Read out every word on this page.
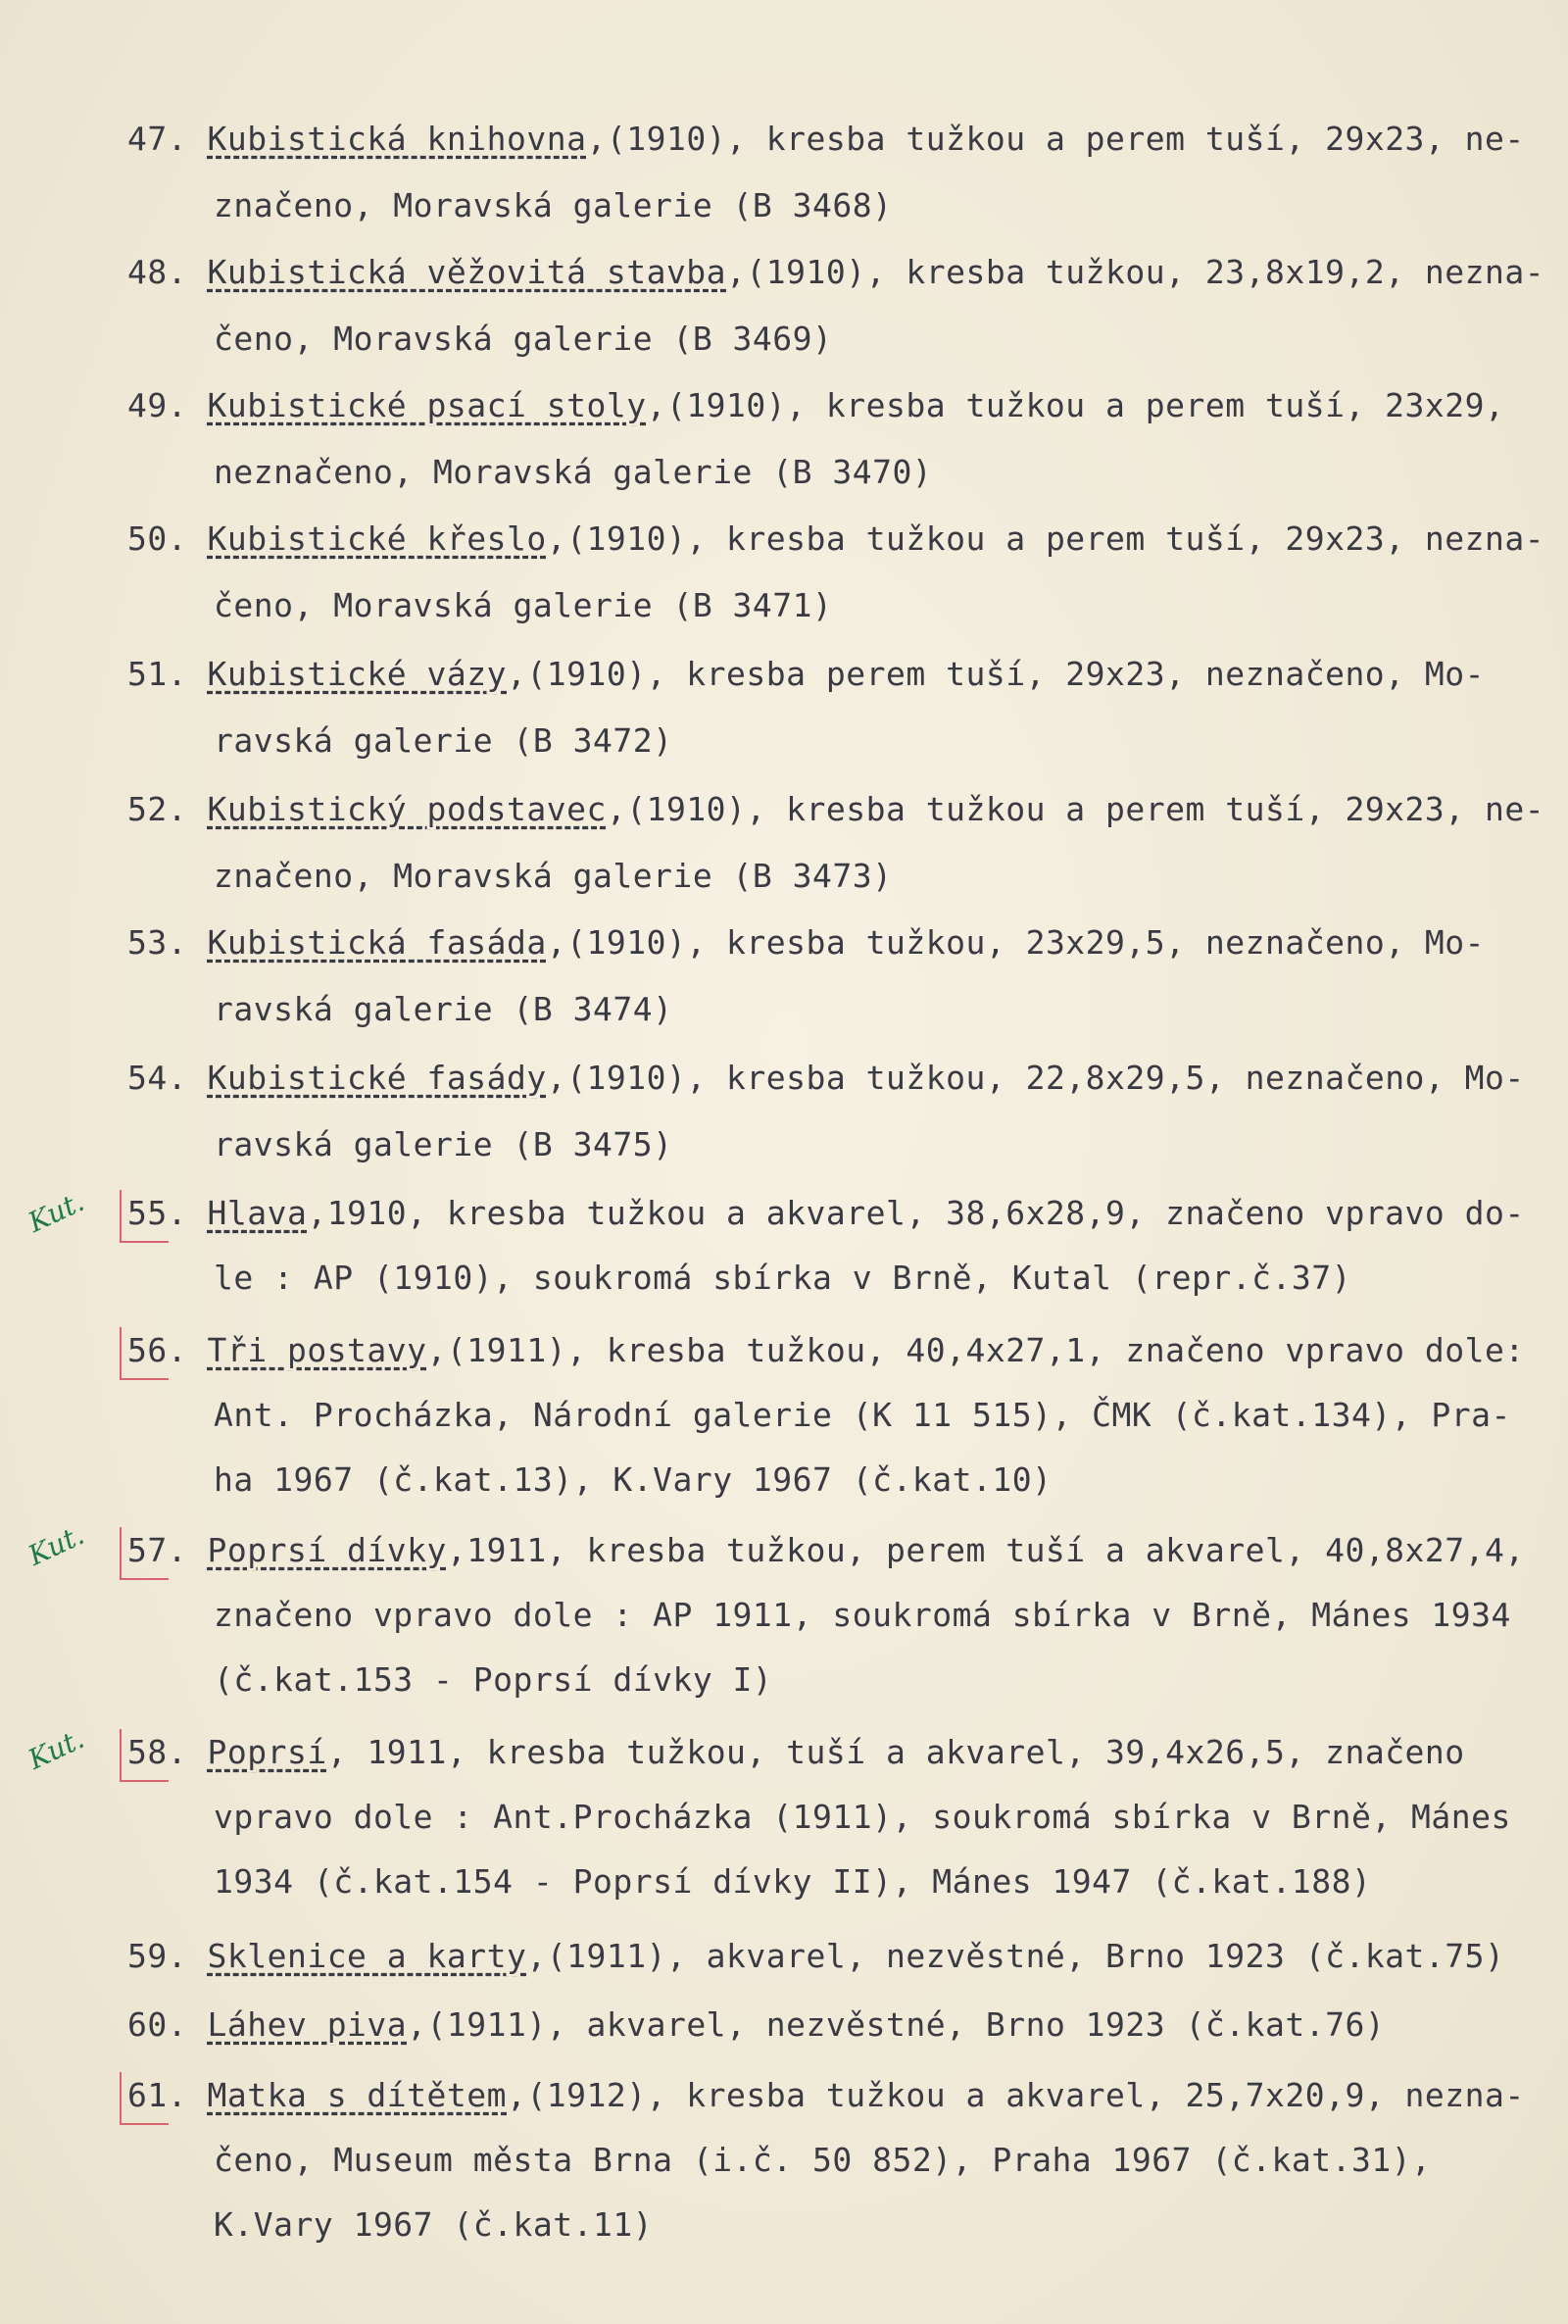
47. Kubistická knihovna,(1910), kresba tužkou a perem tuší, 29x23, ne-
značeno, Moravská galerie (B 3468)
48. Kubistická věžovitá stavba,(1910), kresba tužkou, 23,8x19,2, nezna-
čeno, Moravská galerie (B 3469)
49. Kubistické psací stoly,(1910), kresba tužkou a perem tuší, 23x29,
neznačeno, Moravská galerie (B 3470)
50. Kubistické křeslo,(1910), kresba tužkou a perem tuší, 29x23, nezna-
čeno, Moravská galerie (B 3471)
51. Kubistické vázy,(1910), kresba perem tuší, 29x23, neznačeno, Mo-
ravská galerie (B 3472)
52. Kubistický podstavec,(1910), kresba tužkou a perem tuší, 29x23, ne-
značeno, Moravská galerie (B 3473)
53. Kubistická fasáda,(1910), kresba tužkou, 23x29,5, neznačeno, Mo-
ravská galerie (B 3474)
54. Kubistické fasády,(1910), kresba tužkou, 22,8x29,5, neznačeno, Mo-
ravská galerie (B 3475)
55. Hlava,1910, kresba tužkou a akvarel, 38,6x28,9, značeno vpravo do-
le : AP (1910), soukromá sbírka v Brně, Kutal (repr.č.37)
Kut.
56. Tři postavy,(1911), kresba tužkou, 40,4x27,1, značeno vpravo dole:
Ant. Procházka, Národní galerie (K 11 515), ČMK (č.kat.134), Pra-
ha 1967 (č.kat.13), K.Vary 1967 (č.kat.10)
57. Poprsí dívky,1911, kresba tužkou, perem tuší a akvarel, 40,8x27,4,
značeno vpravo dole : AP 1911, soukromá sbírka v Brně, Mánes 1934
(č.kat.153 - Poprsí dívky I)
Kut.
58. Poprsí, 1911, kresba tužkou, tuší a akvarel, 39,4x26,5, značeno
vpravo dole : Ant.Procházka (1911), soukromá sbírka v Brně, Mánes
1934 (č.kat.154 - Poprsí dívky II), Mánes 1947 (č.kat.188)
Kut.
59. Sklenice a karty,(1911), akvarel, nezvěstné, Brno 1923 (č.kat.75)
60. Láhev piva,(1911), akvarel, nezvěstné, Brno 1923 (č.kat.76)
61. Matka s dítětem,(1912), kresba tužkou a akvarel, 25,7x20,9, nezna-
čeno, Museum města Brna (i.č. 50 852), Praha 1967 (č.kat.31),
K.Vary 1967 (č.kat.11)
